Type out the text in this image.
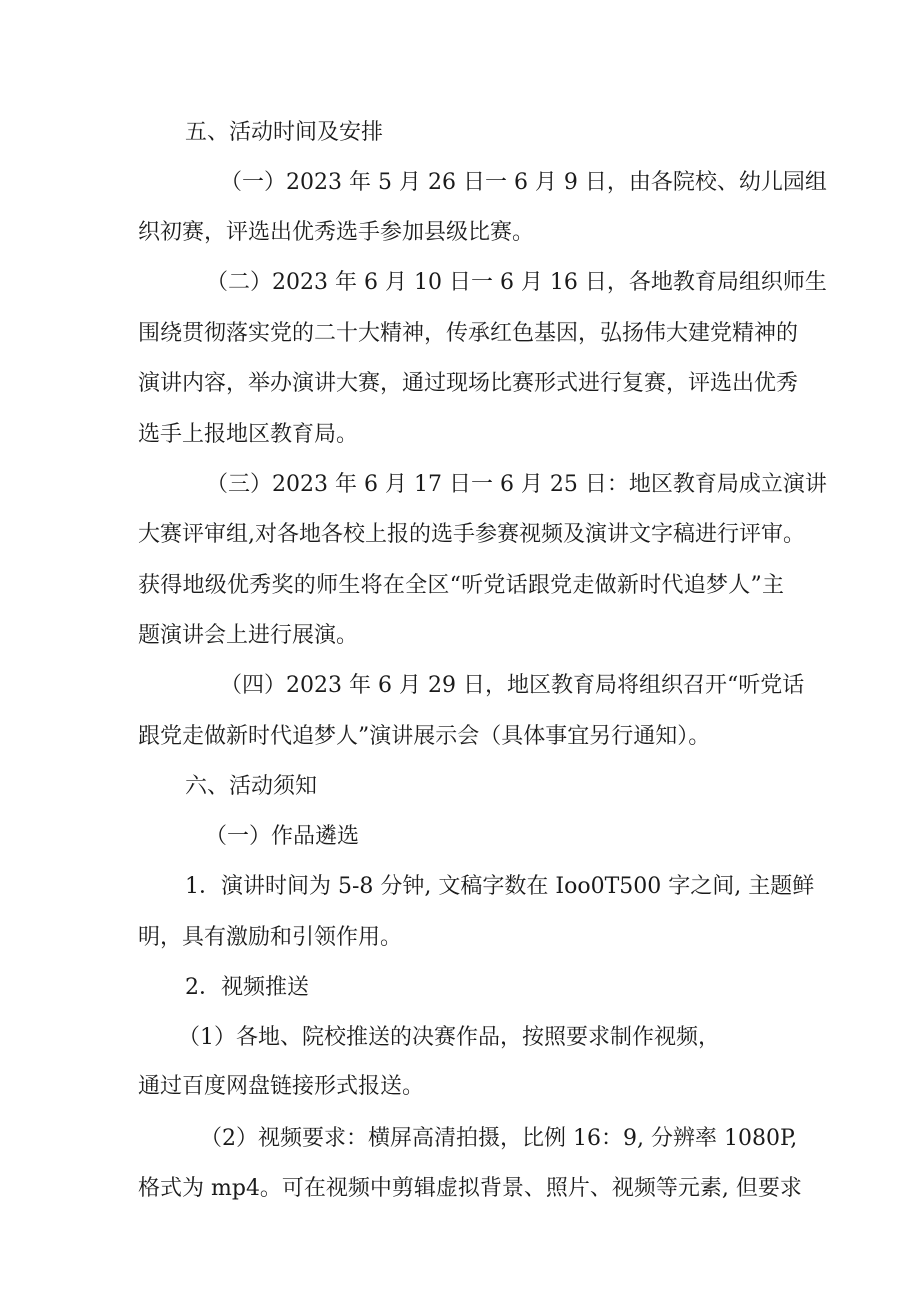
五、活动时间及安排
（一）2023 年 5 月 26 日一 6 月 9 日，由各院校、幼儿园组
织初赛，评选出优秀选手参加县级比赛。
（二）2023 年 6 月 10 日一 6 月 16 日，各地教育局组织师生
围绕贯彻落实党的二十大精神，传承红色基因，弘扬伟大建党精神的
演讲内容，举办演讲大赛，通过现场比赛形式进行复赛，评选出优秀
选手上报地区教育局。
（三）2023 年 6 月 17 日一 6 月 25 日：地区教育局成立演讲
大赛评审组,对各地各校上报的选手参赛视频及演讲文字稿进行评审。
获得地级优秀奖的师生将在全区“听党话跟党走做新时代追梦人”主
题演讲会上进行展演。
（四）2023 年 6 月 29 日，地区教育局将组织召开“听党话
跟党走做新时代追梦人”演讲展示会（具体事宜另行通知）。
六、活动须知
（一）作品遴选
1．演讲时间为 5-8 分钟, 文稿字数在 Ioo0T500 字之间, 主题鲜
明，具有激励和引领作用。
2．视频推送
（1）各地、院校推送的决赛作品，按照要求制作视频，
通过百度网盘链接形式报送。
（2）视频要求：横屏高清拍摄，比例 16：9, 分辨率 1080P,
格式为 mp4。可在视频中剪辑虚拟背景、照片、视频等元素, 但要求
